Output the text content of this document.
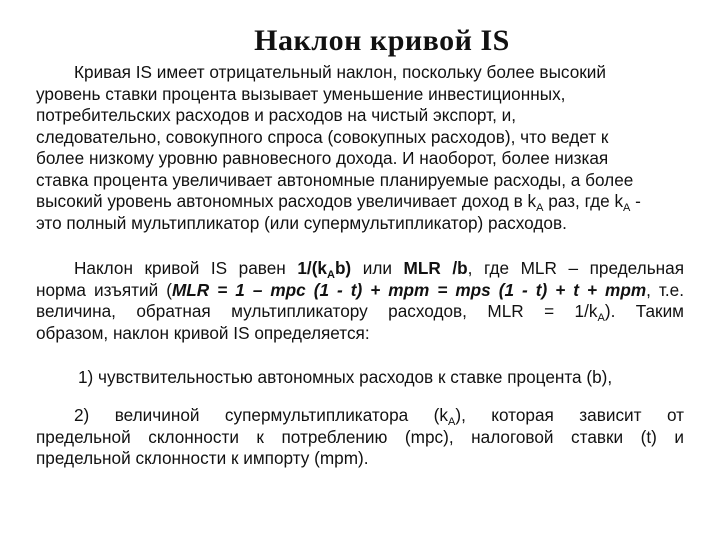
Наклон кривой IS
Кривая IS имеет отрицательный наклон, поскольку более высокий
уровень ставки процента вызывает уменьшение инвестиционных,
потребительских расходов и расходов на чистый экспорт, и,
следовательно, совокупного спроса (совокупных расходов), что ведет к
более низкому уровню равновесного дохода. И наоборот, более низкая
ставка процента увеличивает автономные планируемые расходы, а более
высокий уровень автономных расходов увеличивает доход в $k_A$ раз, где $k_A$ -
это полный мультипликатор (или супермультипликатор) расходов.
Наклон кривой IS равен $1/(k_Ab)$ или MLR /b, где MLR – предельная
норма изъятий (MLR = 1 – mpc (1 - t) + mpm = mps (1 - t) + t + mpm, т.е.
величина, обратная мультипликатору расходов, MLR = $1/k_A$). Таким
образом, наклон кривой IS определяется:
1) чувствительностью автономных расходов к ставке процента (b),
2) величиной супермультипликатора $(k_A)$, которая зависит от
предельной склонности к потреблению (mpc), налоговой ставки (t) и
предельной склонности к импорту (mpm).
